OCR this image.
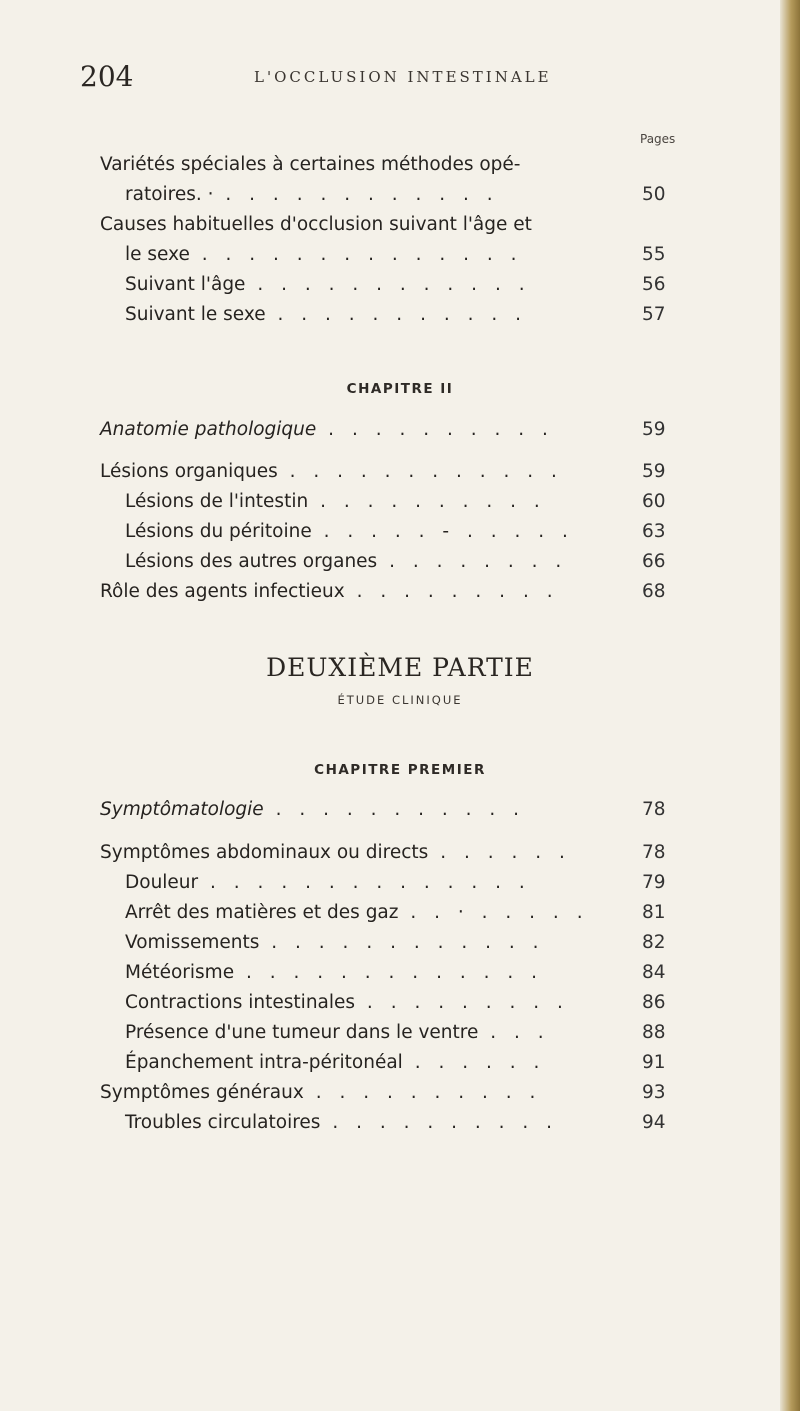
204	L'OCCLUSION INTESTINALE
Pages
Variétés spéciales à certaines méthodes opé-
ratoires. · . . . . . . . . . . . .	50
Causes habituelles d'occlusion suivant l'âge et
le sexe . . . . . . . . . . . . . .	55
Suivant l'âge . . . . . . . . . . . .	56
Suivant le sexe . . . . . . . . . . .	57
CHAPITRE II
Anatomie pathologique . . . . . . . . . .	59
Lésions organiques . . . . . . . . . . . .	59
Lésions de l'intestin . . . . . . . . . .	60
Lésions du péritoine . . . . . - . . . . .	63
Lésions des autres organes . . . . . . . .	66
Rôle des agents infectieux . . . . . . . . .	68
DEUXIÈME PARTIE
ÉTUDE CLINIQUE
CHAPITRE PREMIER
Symptômatologie . . . . . . . . . . .	78
Symptômes abdominaux ou directs . . . . . .	78
Douleur . . . . . . . . . . . . . .	79
Arrêt des matières et des gaz . . · . . . . .	81
Vomissements . . . . . . . . . . . .	82
Météorisme . . . . . . . . . . . . .	84
Contractions intestinales . . . . . . . . .	86
Présence d'une tumeur dans le ventre . . .	88
Épanchement intra-péritonéal . . . . . .	91
Symptômes généraux . . . . . . . . . .	93
Troubles circulatoires . . . . . . . . . .	94
